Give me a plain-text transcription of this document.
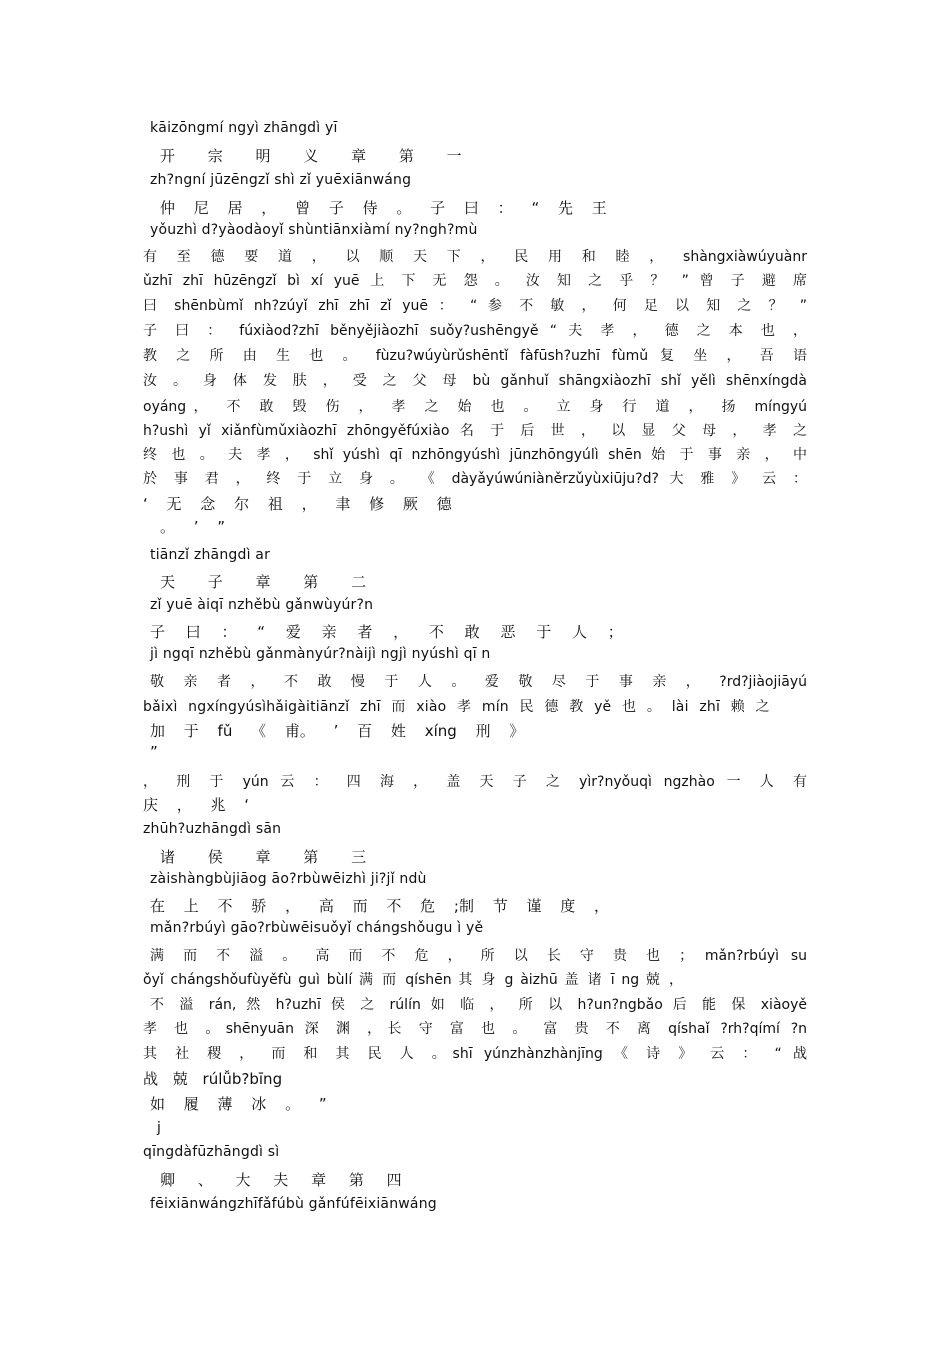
kāizōngmí ngyì zhāngdì yī
开 宗 明 义 章 第 一
zh?ngní jūzēngzǐ shì zǐ yuēxiānwáng
仲 尼 居 ， 曾 子 侍 。 子 曰 ： “ 先 王
yǒuzhì d?yàodàoyǐ shùntiānxiàmí ny?ngh?mù
有 至 德 要 道 ， 以 顺 天 下 ， 民 用 和 睦 ， shàngxiàwúyuànr
ǔzhī zhī hūzēngzǐ bì xí yuē 上 下 无 怨 。 汝 知 之 乎 ？ ” 曾 子 避 席
曰 shēnbùmǐ nh?zúyǐ zhī zhī zǐ yuē ： “ 参 不 敏 ， 何 足 以 知 之 ？ ”
子 曰 ： fúxiàod?zhī běnyějiàozhī suǒy?ushēngyě “ 夫 孝 ， 德 之 本 也 ，
教 之 所 由 生 也 。 fùzu?wúyùrǔshēntǐ fàfūsh?uzhī fùmǔ 复 坐 ， 吾 语
汝 。 身 体 发 肤 ， 受 之 父 母 bù gǎnhuǐ shāngxiàozhī shǐ yělì shēnxíngdà
oyáng， 不 敢 毁 伤 ， 孝 之 始 也 。 立 身 行 道 ， 扬 míngyú
h?ushì yǐ xiǎnfùmǔxiàozhī zhōngyěfúxiào 名 于 后 世 ， 以 显 父 母 ， 孝 之
终 也 。 夫 孝 ， shǐ yúshì qī nzhōngyúshì jūnzhōngyúlì shēn 始 于 事 亲 ， 中
於 事 君 ， 终 于 立 身 。 《 dàyǎyúwúniàněrzǔyùxiūju?d? 大 雅 》 云 ：
‘ 无 念 尔 祖 ， 聿 修 厥 德
。 ’ ”
tiānzǐ zhāngdì ar
天 子 章 第 二
zǐ yuē àiqī nzhěbù gǎnwùyúr?n
子 曰 ： “ 爱 亲 者 ， 不 敢 恶 于 人 ；
jì ngqī nzhěbù gǎnmànyúr?nàijì ngjì nyúshì qī n
敬 亲 者 ， 不 敢 慢 于 人 。 爱 敬 尽 于 事 亲 ， ?rd?jiàojiāyú
bǎixì ngxíngyúsìhǎigàitiānzǐ zhī 而 xiào 孝 mín 民 德 教 yě 也 。 lài zhī 赖 之
加 于 fǔ 《 甫。 ’ 百 姓 xíng 刑 》
”
， 刑 于 yún 云 ： 四 海 ， 盖 天 子 之 yìr?nyǒuqì ngzhào 一 人 有
庆 ， 兆 ‘
zhūh?uzhāngdì sān
诸 侯 章 第 三
zàishàngbùjiāog āo?rbùwēizhì ji?jǐ ndù
在 上 不 骄 ， 高 而 不 危 ;制 节 谨 度 ，
mǎn?rbúyì gāo?rbùwēisuǒyǐ chángshǒugu ì yě
满 而 不 溢 。 高 而 不 危 ， 所 以 长 守 贵 也 ； mǎn?rbúyì su
ǒyǐ chángshǒufùyěfù guì bùlí 满 而 qíshēn 其 身 g àizhū 盖 诸 ī ng 兢 ，
不 溢 rán, 然 h?uzhī 侯 之 rúlín 如 临 ， 所 以 h?un?ngbǎo 后 能 保 xiàoyě
孝 也 。shēnyuān 深 渊 ，长 守 富 也 。 富 贵 不 离 qíshaǐ ?rh?qímí ?n
其 社 稷 ， 而 和 其 民 人 。shī yúnzhànzhànjīng 《 诗 》 云 ： “ 战
战 兢 rúlǚb?bīng
如 履 薄 冰 。 ”
j
qīngdàfūzhāngdì sì
卿 、 大 夫 章 第 四
fēixiānwángzhīfǎfúbù gǎnfúfēixiānwáng
